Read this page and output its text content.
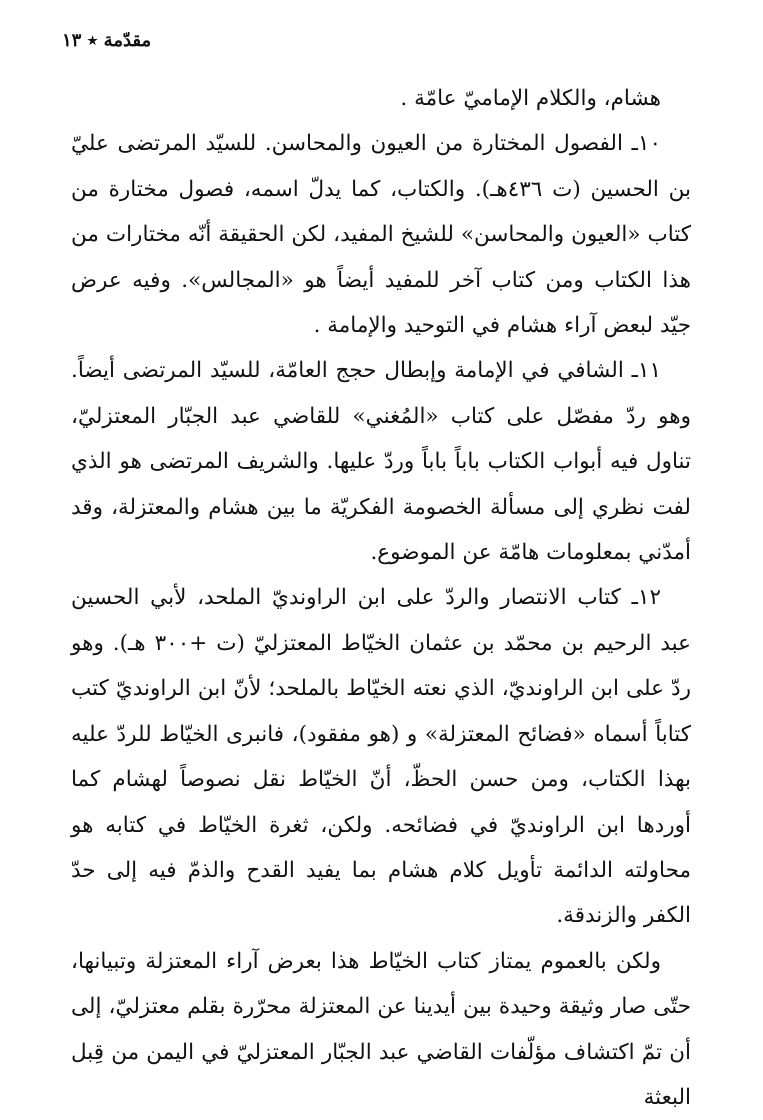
مقدّمة ٭ ١٣

هشام، والكلام الإماميّ عامّة .

١٠ـ الفصول المختارة من العيون والمحاسن. للسيّد المرتضى عليّ بن الحسين (ت ٤٣٦هـ). والكتاب، كما يدلّ اسمه، فصول مختارة من كتاب «العيون والمحاسن» للشيخ المفيد، لكن الحقيقة أنّه مختارات من هذا الكتاب ومن كتاب آخر للمفيد أيضاً هو «المجالس». وفيه عرض جيّد لبعض آراء هشام في التوحيد والإمامة .

١١ـ الشافي في الإمامة وإبطال حجج العامّة، للسيّد المرتضى أيضاً. وهو ردّ مفصّل على كتاب «المُغني» للقاضي عبد الجبّار المعتزليّ، تناول فيه أبواب الكتاب باباً باباً وردّ عليها. والشريف المرتضى هو الذي لفت نظري إلى مسألة الخصومة الفكريّة ما بين هشام والمعتزلة، وقد أمدّني بمعلومات هامّة عن الموضوع.

١٢ـ كتاب الانتصار والردّ على ابن الراونديّ الملحد، لأبي الحسين عبد الرحيم بن محمّد بن عثمان الخيّاط المعتزليّ (ت +٣٠٠ هـ). وهو ردّ على ابن الراونديّ، الذي نعته الخيّاط بالملحد؛ لأنّ ابن الراونديّ كتب كتاباً أسماه «فضائح المعتزلة» و (هو مفقود)، فانبرى الخيّاط للردّ عليه بهذا الكتاب، ومن حسن الحظّ، أنّ الخيّاط نقل نصوصاً لهشام كما أوردها ابن الراونديّ في فضائحه. ولكن، ثغرة الخيّاط في كتابه هو محاولته الدائمة تأويل كلام هشام بما يفيد القدح والذمّ فيه إلى حدّ الكفر والزندقة.

ولكن بالعموم يمتاز كتاب الخيّاط هذا بعرض آراء المعتزلة وتبيانها، حتّى صار وثيقة وحيدة بين أيدينا عن المعتزلة محرّرة بقلم معتزليّ، إلى أن تمّ اكتشاف مؤلّفات القاضي عبد الجبّار المعتزليّ في اليمن من قِبل البعثة
